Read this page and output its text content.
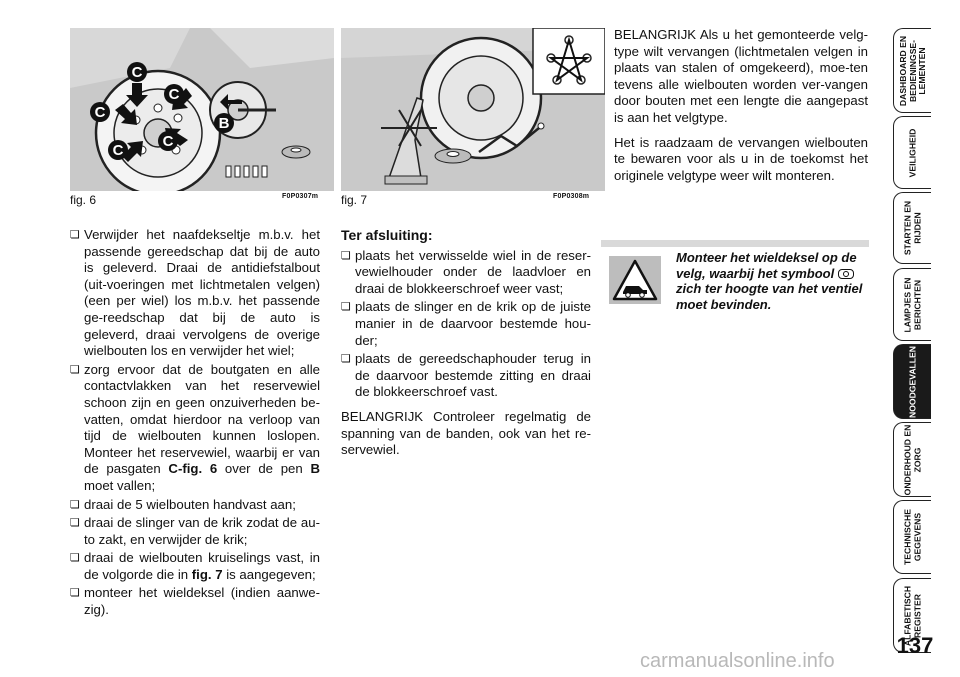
C
C
C
C
C
B
fig. 6	F0P0307m fig. 7	F0P0308m
❏ Verwijder het naafdekseltje m.b.v. het passende gereedschap dat bij de auto is geleverd. Draai de antidiefstalbout (uit-voeringen met lichtmetalen velgen) (een per wiel) los m.b.v. het passende ge-reedschap dat bij de auto is geleverd, draai vervolgens de overige wielbouten los en verwijder het wiel;
❏ zorg ervoor dat de boutgaten en alle contactvlakken van het reservewiel schoon zijn en geen onzuiverheden be-vatten, omdat hierdoor na verloop van tijd de wielbouten kunnen loslopen. Monteer het reservewiel, waarbij er van de pasgaten C-fig. 6 over de pen B moet vallen;
❏ draai de 5 wielbouten handvast aan;
❏ draai de slinger van de krik zodat de au-to zakt, en verwijder de krik;
❏ draai de wielbouten kruiselings vast, in de volgorde die in fig. 7 is aangegeven;
❏ monteer het wieldeksel (indien aanwe-zig).
Ter afsluiting:
❏ plaats het verwisselde wiel in de reser-vewielhouder onder de laadvloer en draai de blokkeerschroef weer vast;
❏ plaats de slinger en de krik op de juiste manier in de daarvoor bestemde hou-der;
❏ plaats de gereedschaphouder terug in de daarvoor bestemde zitting en draai de blokkeerschroef vast.

BELANGRIJK Controleer regelmatig de spanning van de banden, ook van het re-servewiel.

BELANGRIJK Als u het gemonteerde velg-type wilt vervangen (lichtmetalen velgen in plaats van stalen of omgekeerd), moe-ten tevens alle wielbouten worden ver-vangen door bouten met een lengte die aangepast is aan het velgtype.

Het is raadzaam de vervangen wielbouten te bewaren voor als u in de toekomst het originele velgtype weer wilt monteren.

Monteer het wieldeksel op de velg, waarbij het symbool
zich ter hoogte van het ventiel moet bevinden.
DASHBOARD EN
BEDIENINGSE-
LEMENTEN
VEILIGHEID
STARTEN EN
RIJDEN
LAMPJES EN
BERICHTEN
NOODGEVALLEN
ONDERHOUD EN
ZORG
TECHNISCHE
GEGEVENS
ALFABETISCH
REGISTER
137
carmanualsonline.info
